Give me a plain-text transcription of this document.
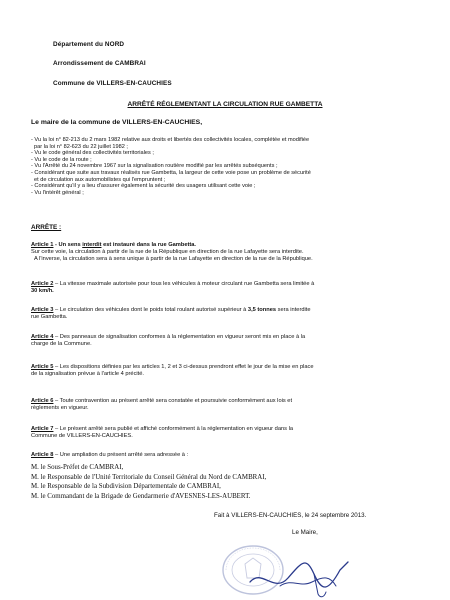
Département du NORD
Arrondissement de CAMBRAI
Commune de VILLERS-EN-CAUCHIES
ARRÊTÉ RÉGLEMENTANT LA CIRCULATION RUE GAMBETTA
Le maire de la commune de VILLERS-EN-CAUCHIES,
- Vu la loi n° 82-213 du 2 mars 1982 relative aux droits et libertés des collectivités locales, complétée et modifiée
par la loi n° 82-623 du 22 juillet 1982 ;
- Vu le code général des collectivités territoriales ;
- Vu le code de la route ;
- Vu l'Arrêté du 24 novembre 1967 sur la signalisation routière modifié par les arrêtés subséquents ;
- Considérant que suite aux travaux réalisés rue Gambetta, la largeur de cette voie pose un problème de sécurité
et de circulation aux automobilistes qui l'empruntent ;
- Considérant qu'il y a lieu d'assurer également la sécurité des usagers utilisant cette voie ;
- Vu l'intérêt général ;
ARRÊTE :
Article 1 - Un sens interdit est instauré dans la rue Gambetta.
Sur cette voie, la circulation à partir de la rue de la République en direction de la rue Lafayette sera interdite.
A l'inverse, la circulation sera à sens unique à partir de la rue Lafayette en direction de la rue de la République.
Article 2 – La vitesse maximale autorisée pour tous les véhicules à moteur circulant rue Gambetta sera limitée à
30 km/h.
Article 3 – Le circulation des véhicules dont le poids total roulant autorisé supérieur à 3,5 tonnes sera interdite
rue Gambetta.
Article 4 – Des panneaux de signalisation conformes à la réglementation en vigueur seront mis en place à la
charge de la Commune.
Article 5 – Les dispositions définies par les articles 1, 2 et 3 ci-dessus prendront effet le jour de la mise en place
de la signalisation prévue à l'article 4 précité.
Article 6 – Toute contravention au présent arrêté sera constatée et poursuivie conformément aux lois et
règlements en vigueur.
Article 7 – Le présent arrêté sera publié et affiché conformément à la réglementation en vigueur dans la
Commune de VILLERS-EN-CAUCHIES.
Article 8 – Une ampliation du présent arrêté sera adressée à :
M. le Sous-Préfet de CAMBRAI,
M. le Responsable de l'Unité Territoriale du Conseil Général du Nord de CAMBRAI,
M. le Responsable de la Subdivision Départementale de CAMBRAI,
M. le Commandant de la Brigade de Gendarmerie d'AVESNES-LES-AUBERT.
Fait à VILLERS-EN-CAUCHIES, le 24 septembre 2013.
Le Maire,
